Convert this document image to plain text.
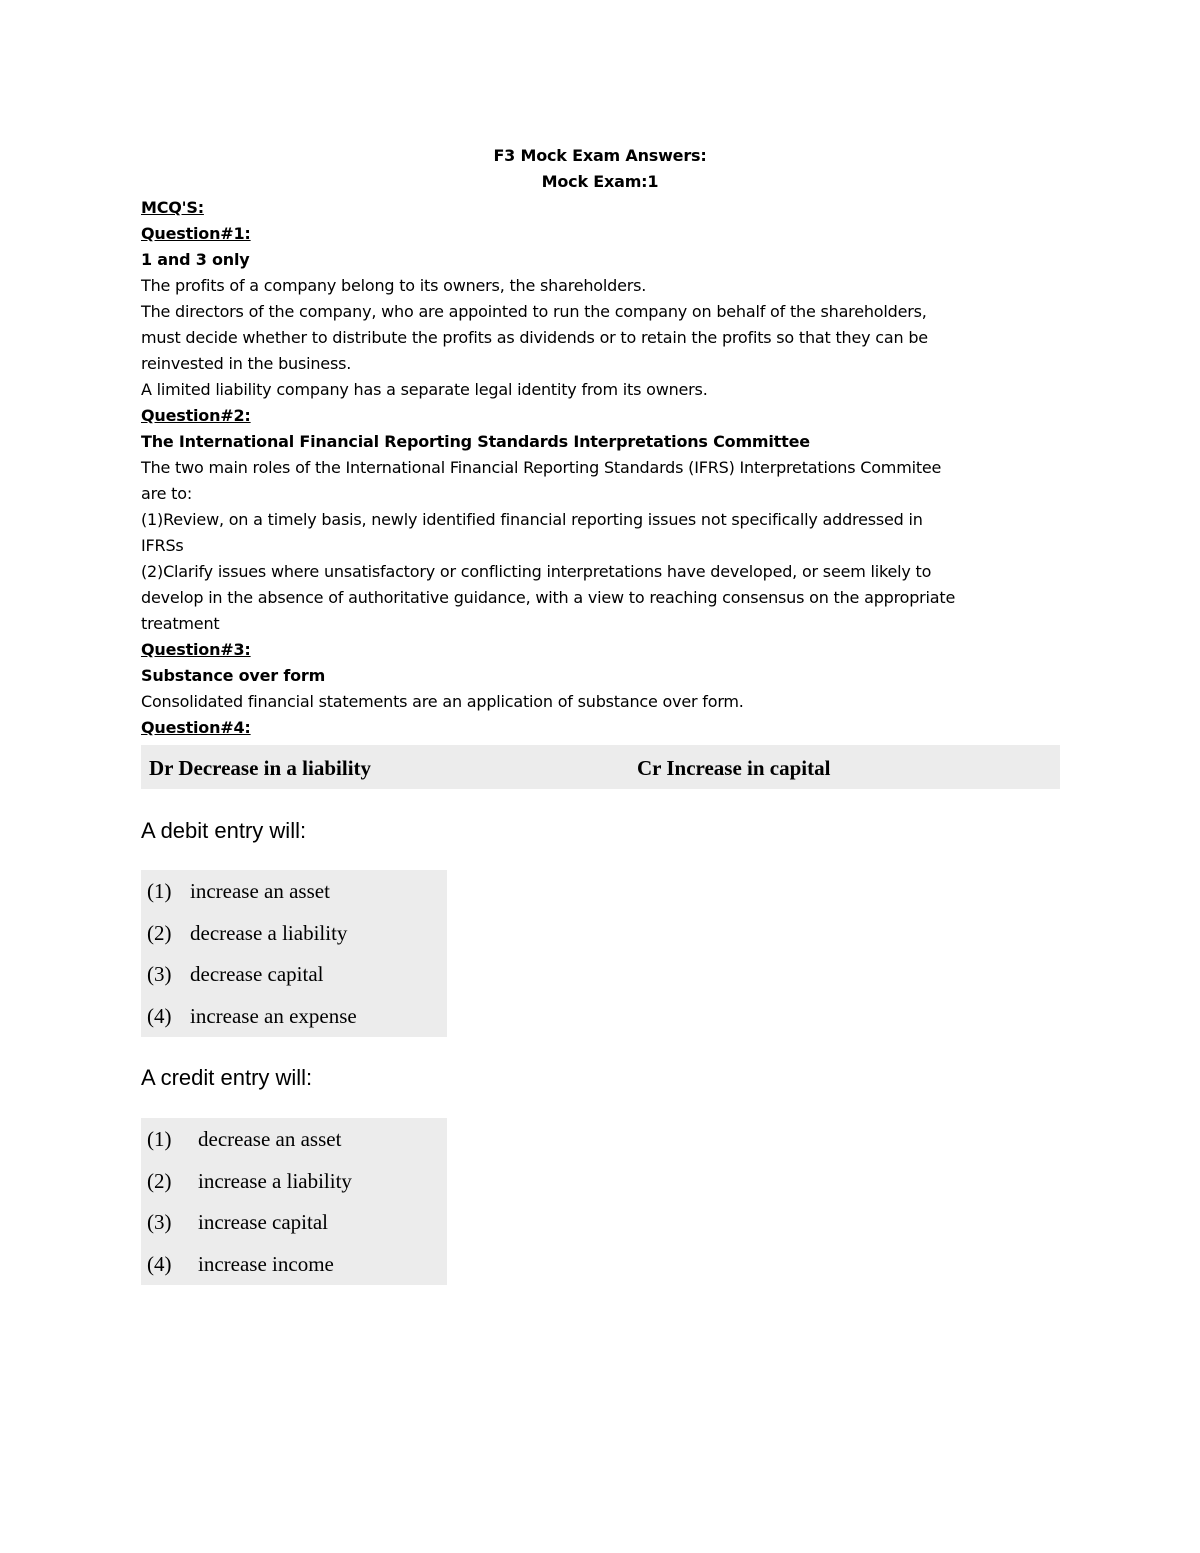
F3 Mock Exam Answers:
Mock Exam:1

MCQ'S:

Question#1:

1 and 3 only

The profits of a company belong to its owners, the shareholders.

The directors of the company, who are appointed to run the company on behalf of the shareholders,

must decide whether to distribute the profits as dividends or to retain the profits so that they can be

reinvested in the business.

A limited liability company has a separate legal identity from its owners.

Question#2:

The International Financial Reporting Standards Interpretations Committee

The two main roles of the International Financial Reporting Standards (IFRS) Interpretations Commitee

are to:

(1)Review, on a timely basis, newly identified financial reporting issues not specifically addressed in

IFRSs

(2)Clarify issues where unsatisfactory or conflicting interpretations have developed, or seem likely to

develop in the absence of authoritative guidance, with a view to reaching consensus on the appropriate

treatment

Question#3:

Substance over form

Consolidated financial statements are an application of substance over form.

Question#4:

Dr Decrease in a liability	Cr Increase in capital
A debit entry will:
(1) increase an asset
(2) decrease a liability
(3) decrease capital
(4) increase an expense
A credit entry will:
(1) decrease an asset
(2) increase a liability
(3) increase capital
(4) increase income
